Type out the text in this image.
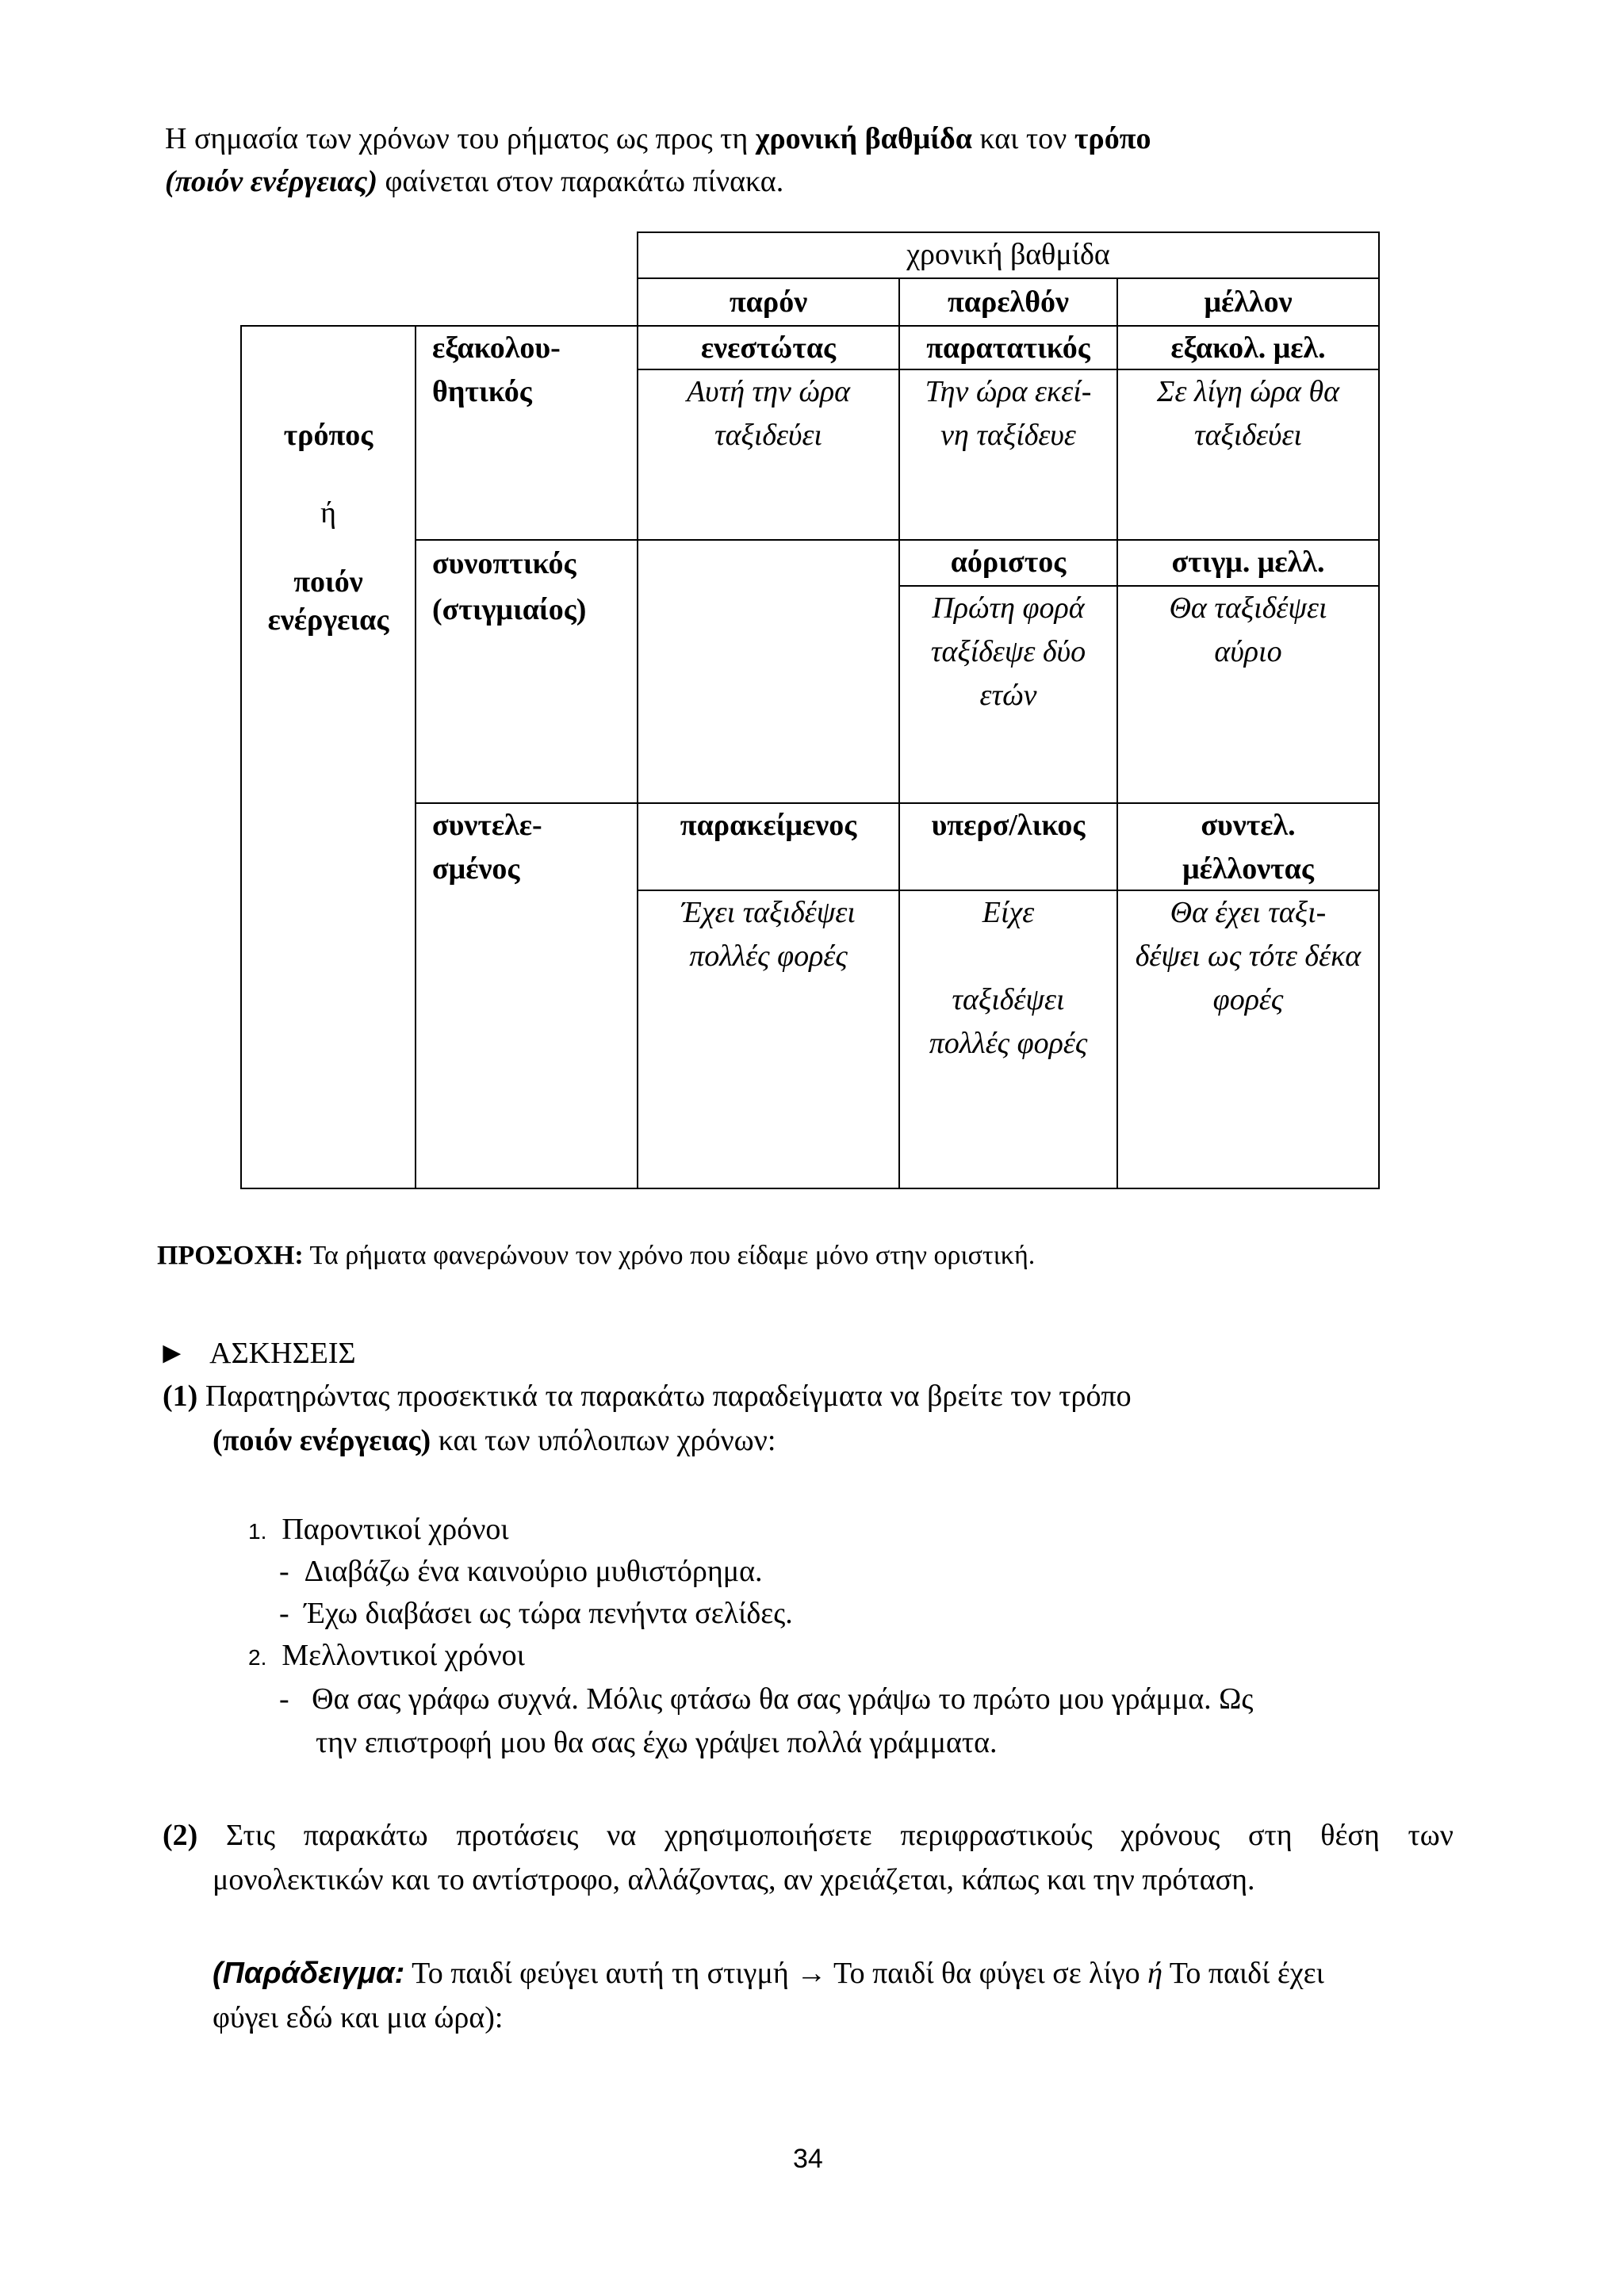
Η σημασία των χρόνων του ρήματος ως προς τη χρονική βαθμίδα και τον τρόπο
(ποιόν ενέργειας) φαίνεται στον παρακάτω πίνακα.
χρονική βαθμίδα
παρόν	παρελθόν	μέλλον
τρόπος
ή
ποιόν
ενέργειας
εξακολου-
θητικός
ενεστώτας
Αυτή την ώρα
ταξιδεύει
παρατατικός
Την ώρα εκεί-
νη ταξίδευε
εξακολ. μελ.
Σε λίγη ώρα θα
ταξιδεύει
συνοπτικός
(στιγμιαίος)
αόριστος
Πρώτη φορά
ταξίδεψε δύο
ετών
στιγμ. μελλ.
Θα ταξιδέψει
αύριο
συντελε-
σμένος
παρακείμενος
Έχει ταξιδέψει
πολλές φορές
υπερσ/λικος
Είχε
ταξιδέψει
πολλές φορές
συντελ.
μέλλοντας
Θα έχει ταξι-
δέψει ως τότε δέκα
φορές
ΠΡΟΣΟΧΗ: Τα ρήματα φανερώνουν τον χρόνο που είδαμε μόνο στην οριστική.
► ΑΣΚΗΣΕΙΣ
(1) Παρατηρώντας προσεκτικά τα παρακάτω παραδείγματα να βρείτε τον τρόπο
(ποιόν ενέργειας) και των υπόλοιπων χρόνων:
1. Παροντικοί χρόνοι
- Διαβάζω ένα καινούριο μυθιστόρημα.
- Έχω διαβάσει ως τώρα πενήντα σελίδες.
2. Μελλοντικοί χρόνοι
- Θα σας γράφω συχνά. Μόλις φτάσω θα σας γράψω το πρώτο μου γράμμα. Ως
την επιστροφή μου θα σας έχω γράψει πολλά γράμματα.
(2) Στις παρακάτω προτάσεις να χρησιμοποιήσετε περιφραστικούς χρόνους στη θέση των
μονολεκτικών και το αντίστροφο, αλλάζοντας, αν χρειάζεται, κάπως και την πρόταση.
(Παράδειγμα: Το παιδί φεύγει αυτή τη στιγμή → Το παιδί θα φύγει σε λίγο ή Το παιδί έχει
φύγει εδώ και μια ώρα):
34
